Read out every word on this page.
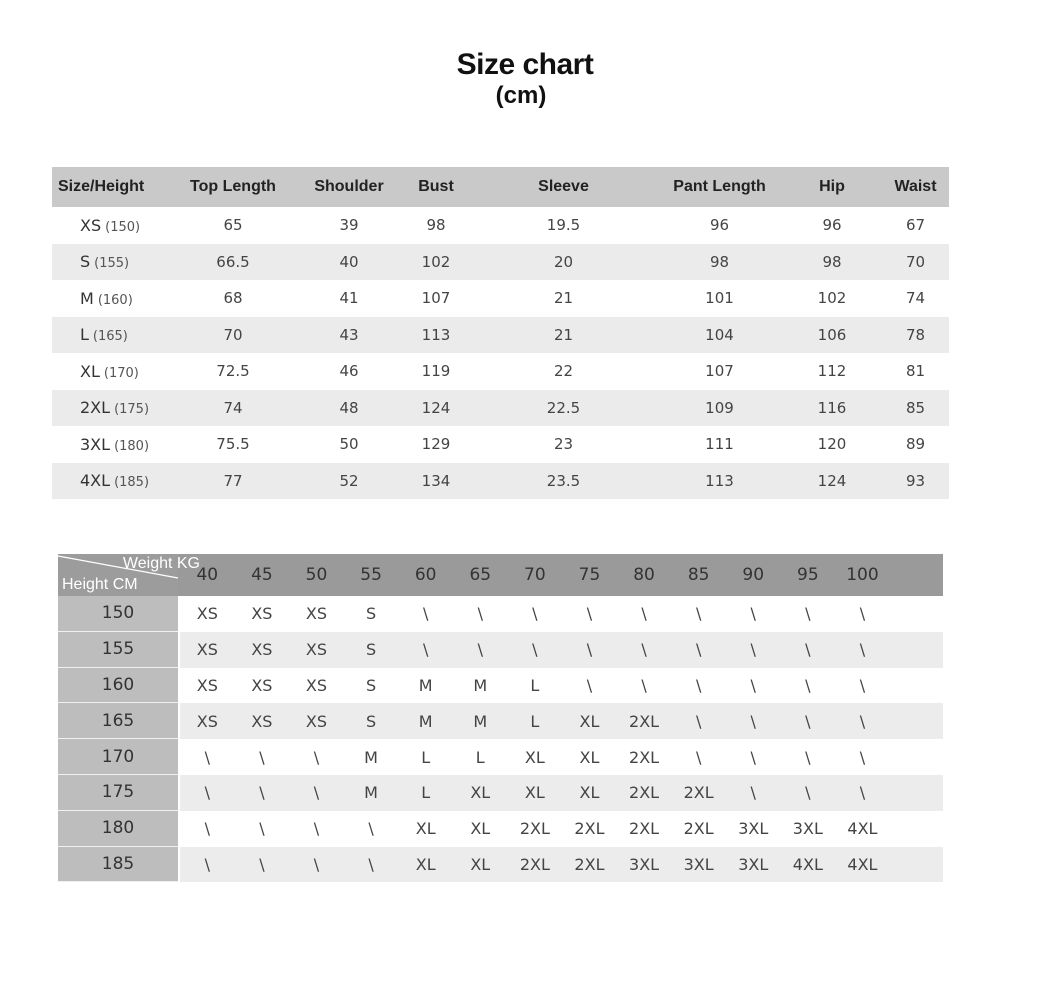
Size chart
(cm)
Size/Height	Top Length	Shoulder	Bust	Sleeve	Pant Length	Hip	Waist
XS (150)	65	39	98	19.5	96	96	67
S (155)	66.5	40	102	20	98	98	70
M (160)	68	41	107	21	101	102	74
L (165)	70	43	113	21	104	106	78
XL (170)	72.5	46	119	22	107	112	81
2XL (175)	74	48	124	22.5	109	116	85
3XL (180)	75.5	50	129	23	111	120	89
4XL (185)	77	52	134	23.5	113	124	93
Weight KG
Height CM	40	45	50	55	60	65	70	75	80	85	90	95	100
150	XS	XS	XS	S	\	\	\	\	\	\	\	\	\
155	XS	XS	XS	S	\	\	\	\	\	\	\	\	\
160	XS	XS	XS	S	M	M	L	\	\	\	\	\	\
165	XS	XS	XS	S	M	M	L	XL	2XL	\	\	\	\
170	\	\	\	M	L	L	XL	XL	2XL	\	\	\	\
175	\	\	\	M	L	XL	XL	XL	2XL	2XL	\	\	\
180	\	\	\	\	XL	XL	2XL	2XL	2XL	2XL	3XL	3XL	4XL
185	\	\	\	\	XL	XL	2XL	2XL	3XL	3XL	3XL	4XL	4XL
